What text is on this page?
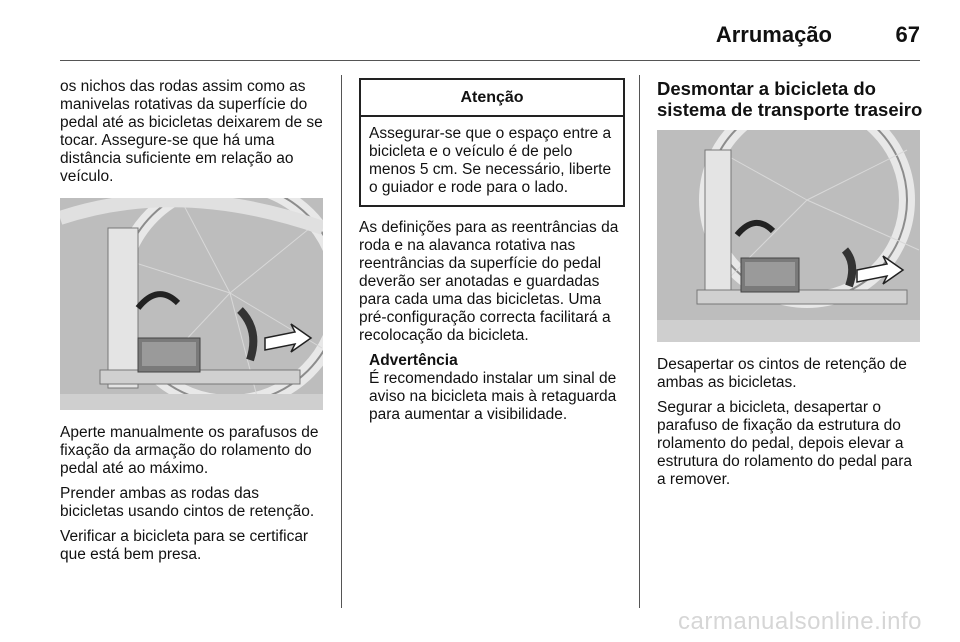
Arrumação	67

os nichos das rodas assim como as manivelas rotativas da superfície do pedal até as bicicletas deixarem de se tocar. Assegure-se que há uma distância suficiente em relação ao veículo.

Aperte manualmente os parafusos de fixação da armação do rolamento do pedal até ao máximo.

Prender ambas as rodas das bicicletas usando cintos de retenção.

Verificar a bicicleta para se certificar que está bem presa.

Atenção
Assegurar-se que o espaço entre a bicicleta e o veículo é de pelo menos 5 cm. Se necessário, liberte o guiador e rode para o lado.

As definições para as reentrâncias da roda e na alavanca rotativa nas reentrâncias da superfície do pedal deverão ser anotadas e guardadas para cada uma das bicicletas. Uma pré-configuração correcta facilitará a recolocação da bicicleta.

Advertência
É recomendado instalar um sinal de aviso na bicicleta mais à retaguarda para aumentar a visibilidade.
Desmontar a bicicleta do sistema de transporte traseiro

Desapertar os cintos de retenção de ambas as bicicletas.

Segurar a bicicleta, desapertar o parafuso de fixação da estrutura do rolamento do pedal, depois elevar a estrutura do rolamento do pedal para a remover.

carmanualsonline.info
